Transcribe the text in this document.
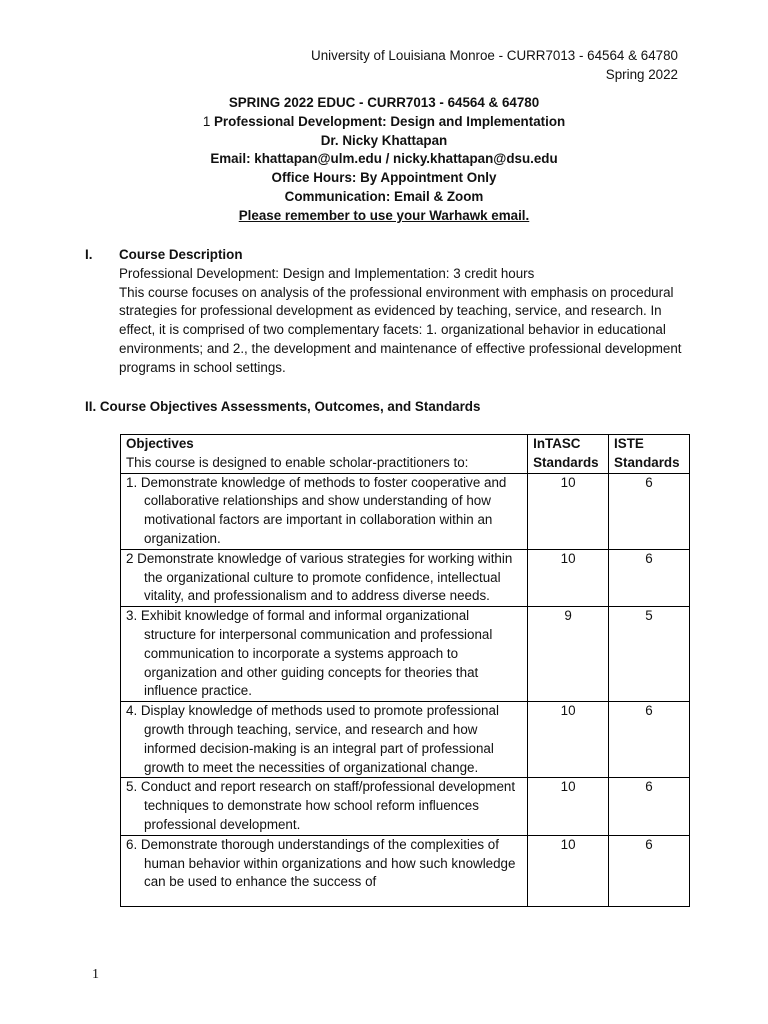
University of Louisiana Monroe - CURR7013 - 64564 & 64780
Spring 2022
SPRING 2022 EDUC - CURR7013 - 64564 & 64780
1 Professional Development: Design and Implementation
Dr. Nicky Khattapan
Email: khattapan@ulm.edu / nicky.khattapan@dsu.edu
Office Hours: By Appointment Only
Communication: Email & Zoom
Please remember to use your Warhawk email.
I.	Course Description
Professional Development: Design and Implementation: 3 credit hours
This course focuses on analysis of the professional environment with emphasis on procedural strategies for professional development as evidenced by teaching, service, and research. In effect, it is comprised of two complementary facets: 1. organizational behavior in educational environments; and 2., the development and maintenance of effective professional development programs in school settings.
II. Course Objectives Assessments, Outcomes, and Standards
Objectives
This course is designed to enable scholar-practitioners to:	InTASC Standards	ISTE Standards

1. Demonstrate knowledge of methods to foster cooperative and collaborative relationships and show understanding of how motivational factors are important in collaboration within an organization.	10	6

2 Demonstrate knowledge of various strategies for working within the organizational culture to promote confidence, intellectual vitality, and professionalism and to address diverse needs.	10	6

3. Exhibit knowledge of formal and informal organizational structure for interpersonal communication and professional communication to incorporate a systems approach to organization and other guiding concepts for theories that influence practice.	9	5

4. Display knowledge of methods used to promote professional growth through teaching, service, and research and how informed decision-making is an integral part of professional growth to meet the necessities of organizational change.	10	6

5. Conduct and report research on staff/professional development techniques to demonstrate how school reform influences professional development.	10	6

6. Demonstrate thorough understandings of the complexities of human behavior within organizations and how such knowledge can be used to enhance the success of	10	6
1
